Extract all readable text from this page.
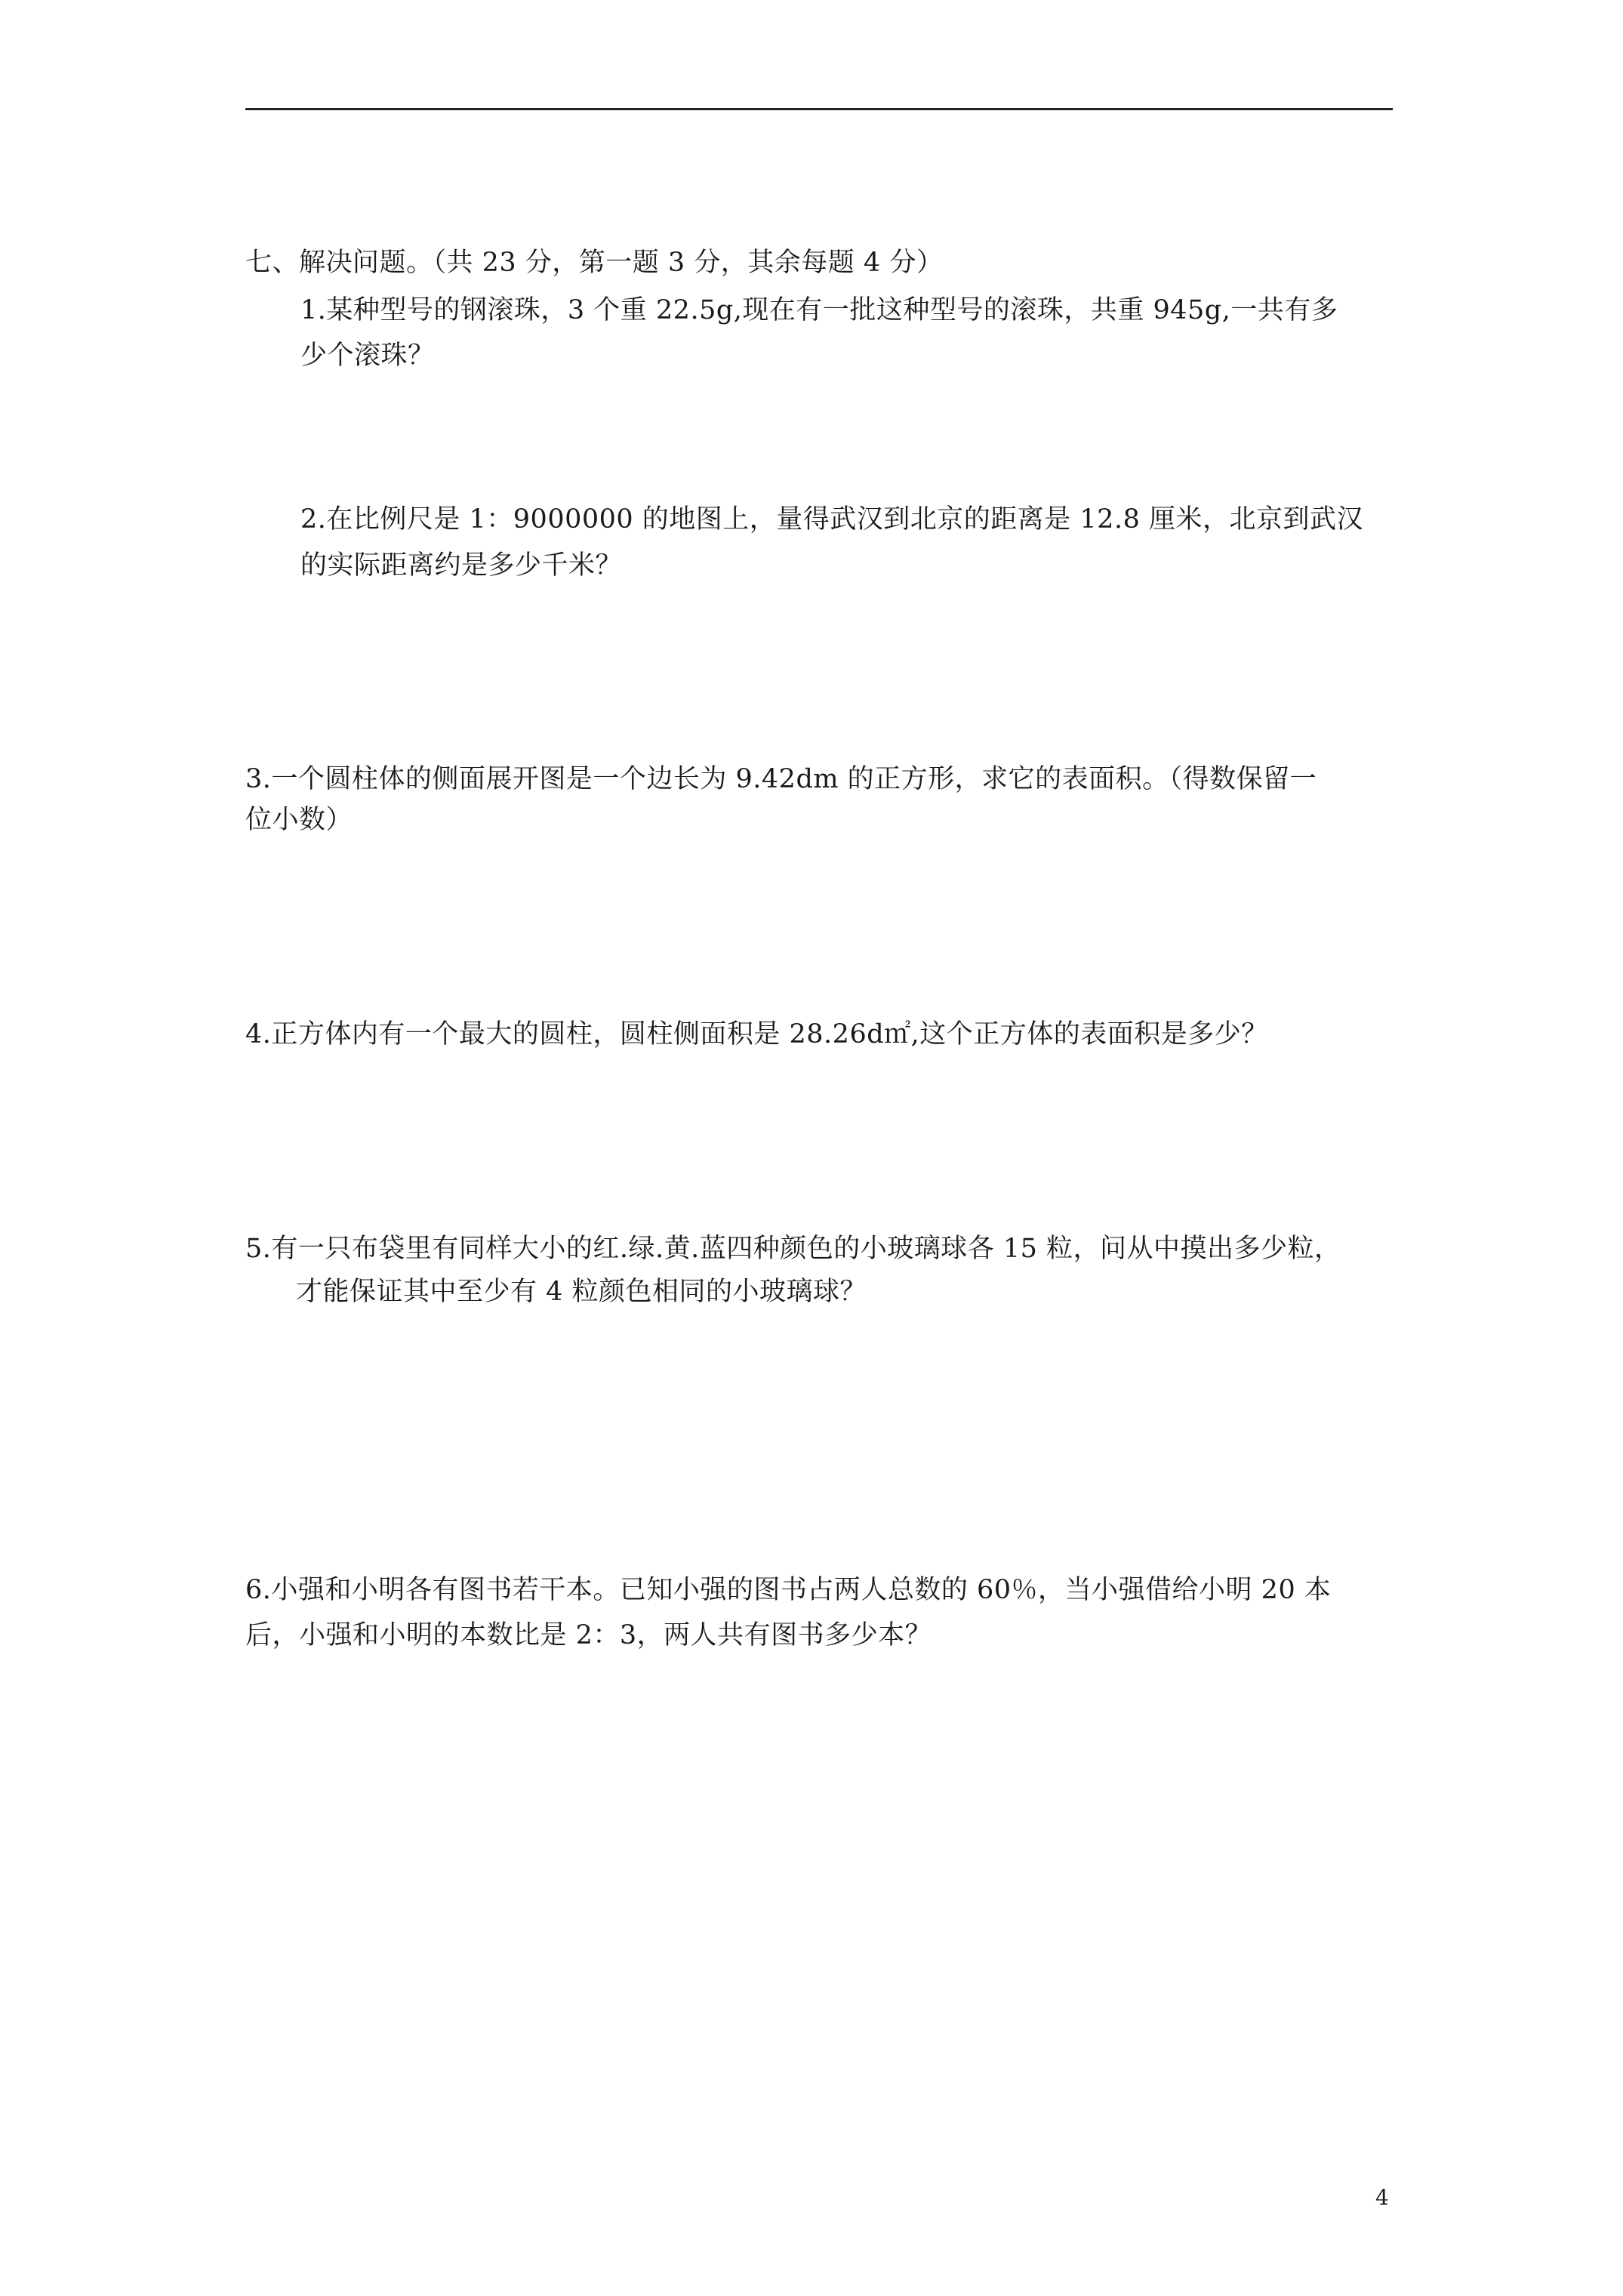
七、解决问题。（共 23 分，第一题 3 分，其余每题 4 分）
1.某种型号的钢滚珠，3 个重 22.5g,现在有一批这种型号的滚珠，共重 945g,一共有多
少个滚珠？
2.在比例尺是 1：9000000 的地图上，量得武汉到北京的距离是 12.8 厘米，北京到武汉
的实际距离约是多少千米？
3.一个圆柱体的侧面展开图是一个边长为 9.42dm 的正方形，求它的表面积。（得数保留一
位小数）
4.正方体内有一个最大的圆柱，圆柱侧面积是 28.26d㎡,这个正方体的表面积是多少？
5.有一只布袋里有同样大小的红.绿.黄.蓝四种颜色的小玻璃球各 15 粒，问从中摸出多少粒，
才能保证其中至少有 4 粒颜色相同的小玻璃球？
6.小强和小明各有图书若干本。已知小强的图书占两人总数的 60％，当小强借给小明 20 本
后，小强和小明的本数比是 2：3，两人共有图书多少本？
4
